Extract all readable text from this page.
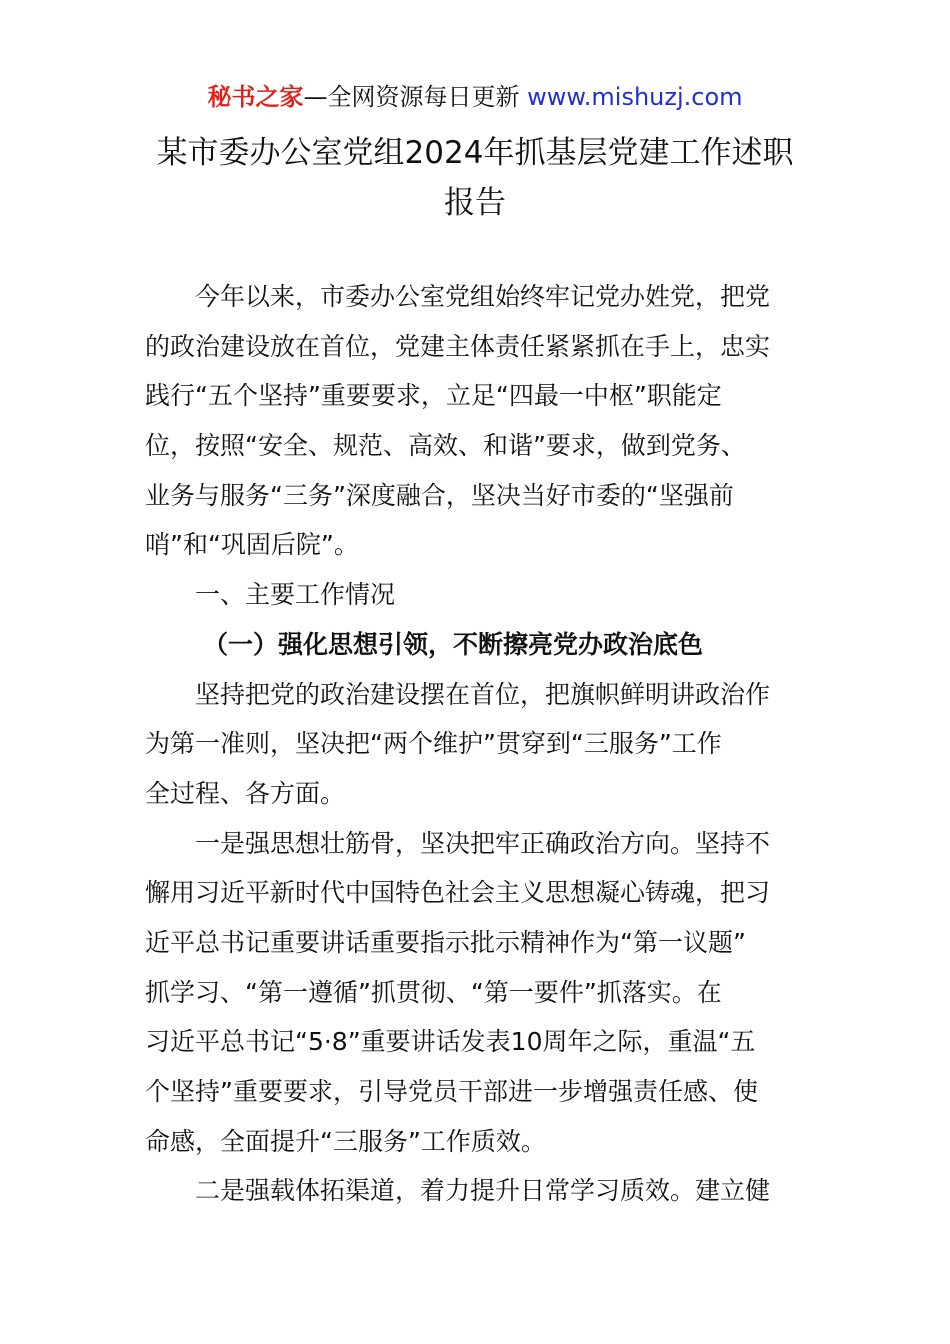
秘书之家—全网资源每日更新 www.mishuzj.com
某市委办公室党组2024年抓基层党建工作述职
报告
今年以来，市委办公室党组始终牢记党办姓党，把党
的政治建设放在首位，党建主体责任紧紧抓在手上，忠实
践行“五个坚持”重要要求，立足“四最一中枢”职能定
位，按照“安全、规范、高效、和谐”要求，做到党务、
业务与服务“三务”深度融合，坚决当好市委的“坚强前
哨”和“巩固后院”。
一、主要工作情况
（一）强化思想引领，不断擦亮党办政治底色
坚持把党的政治建设摆在首位，把旗帜鲜明讲政治作
为第一准则，坚决把“两个维护”贯穿到“三服务”工作
全过程、各方面。
一是强思想壮筋骨，坚决把牢正确政治方向。坚持不
懈用习近平新时代中国特色社会主义思想凝心铸魂，把习
近平总书记重要讲话重要指示批示精神作为“第一议题”
抓学习、“第一遵循”抓贯彻、“第一要件”抓落实。在
习近平总书记“5·8”重要讲话发表10周年之际，重温“五
个坚持”重要要求，引导党员干部进一步增强责任感、使
命感，全面提升“三服务”工作质效。
二是强载体拓渠道，着力提升日常学习质效。建立健
